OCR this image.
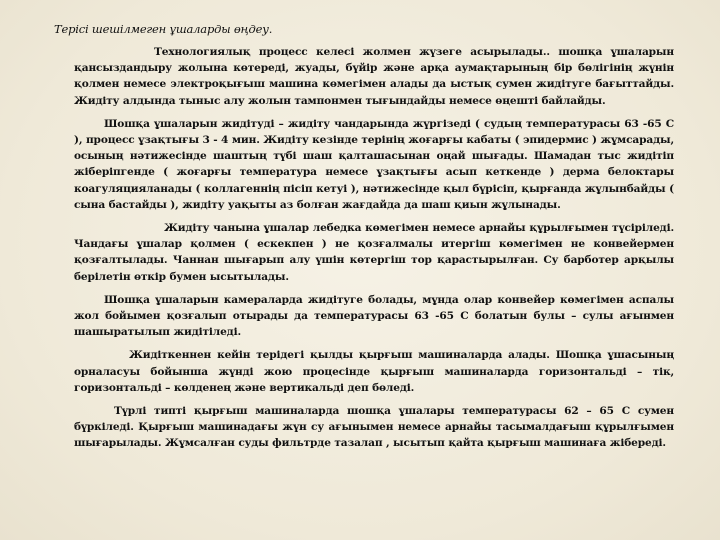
Терісі шешілмеген ұшаларды өңдеу.

Технологиялық процесс келесі жолмен жүзеге асырылады.. шошқа ұшаларын қансыздандыру жолына көтереді, жуады, бүйір және арқа аумақтарының бір бөлігінің жүнін қолмен немесе электроқығыш машина көмегімен алады да ыстық сумен жидітуге бағыттайды. Жидіту алдында тыныс алу жолын тампонмен тығындайды немесе өңешті байлайды.

Шошқа ұшаларын жидітуді – жидіту чандарында жүргізеді ( судың температурасы 63 -65 С ), процесс ұзақтығы 3 - 4 мин. Жидіту кезінде терінің жоғарғы кабаты ( эпидермис ) жұмсарады, осының нәтижесінде шаштың түбі шаш қалташасынан оңай шығады. Шамадан тыс жидітіп жіберіпгенде ( жоғарғы температура немесе ұзақтығы асып кеткенде ) дерма белоктары коагуляцияланады ( коллагеннің пісіп кетуі ), нәтижесінде қыл бүрісіп, қырғанда жұлынбайды ( сына бастайды ), жидіту уақыты аз болған жағдайда да шаш қиын жұлынады.

Жидіту чанына ұшалар лебедка көмегімен немесе арнайы құрылғымен түсіріледі. Чандағы ұшалар қолмен ( ескекпен ) не қозғалмалы итергіш көмегімен не конвейермен қозғалтылады. Чаннан шығарып алу үшін көтергіш тор қарастырылған. Су барботер арқылы берілетін өткір бумен ысытылады.

Шошқа ұшаларын камераларда жидітуге болады, мұнда олар конвейер көмегімен аспалы жол бойымен қозғалып отырады да температурасы 63 -65 С болатын булы – сулы ағынмен шашыратылып жидітіледі.

Жидіткеннен кейін терідегі қылды қырғыш машиналарда алады. Шошқа ұшасының орналасуы бойынша жүнді жою процесінде қырғыш машиналарда горизонтальді – тік, горизонтальді – көлденең және вертикальді деп бөледі.

Түрлі типті қырғыш машиналарда шошқа ұшалары температурасы 62 – 65 С сумен бүркіледі. Қырғыш машинадағы жүн су ағынымен немесе арнайы тасымалдағыш құрылғымен шығарылады. Жұмсалған суды фильтрде тазалап , ысытып қайта қырғыш машинаға жібереді.
